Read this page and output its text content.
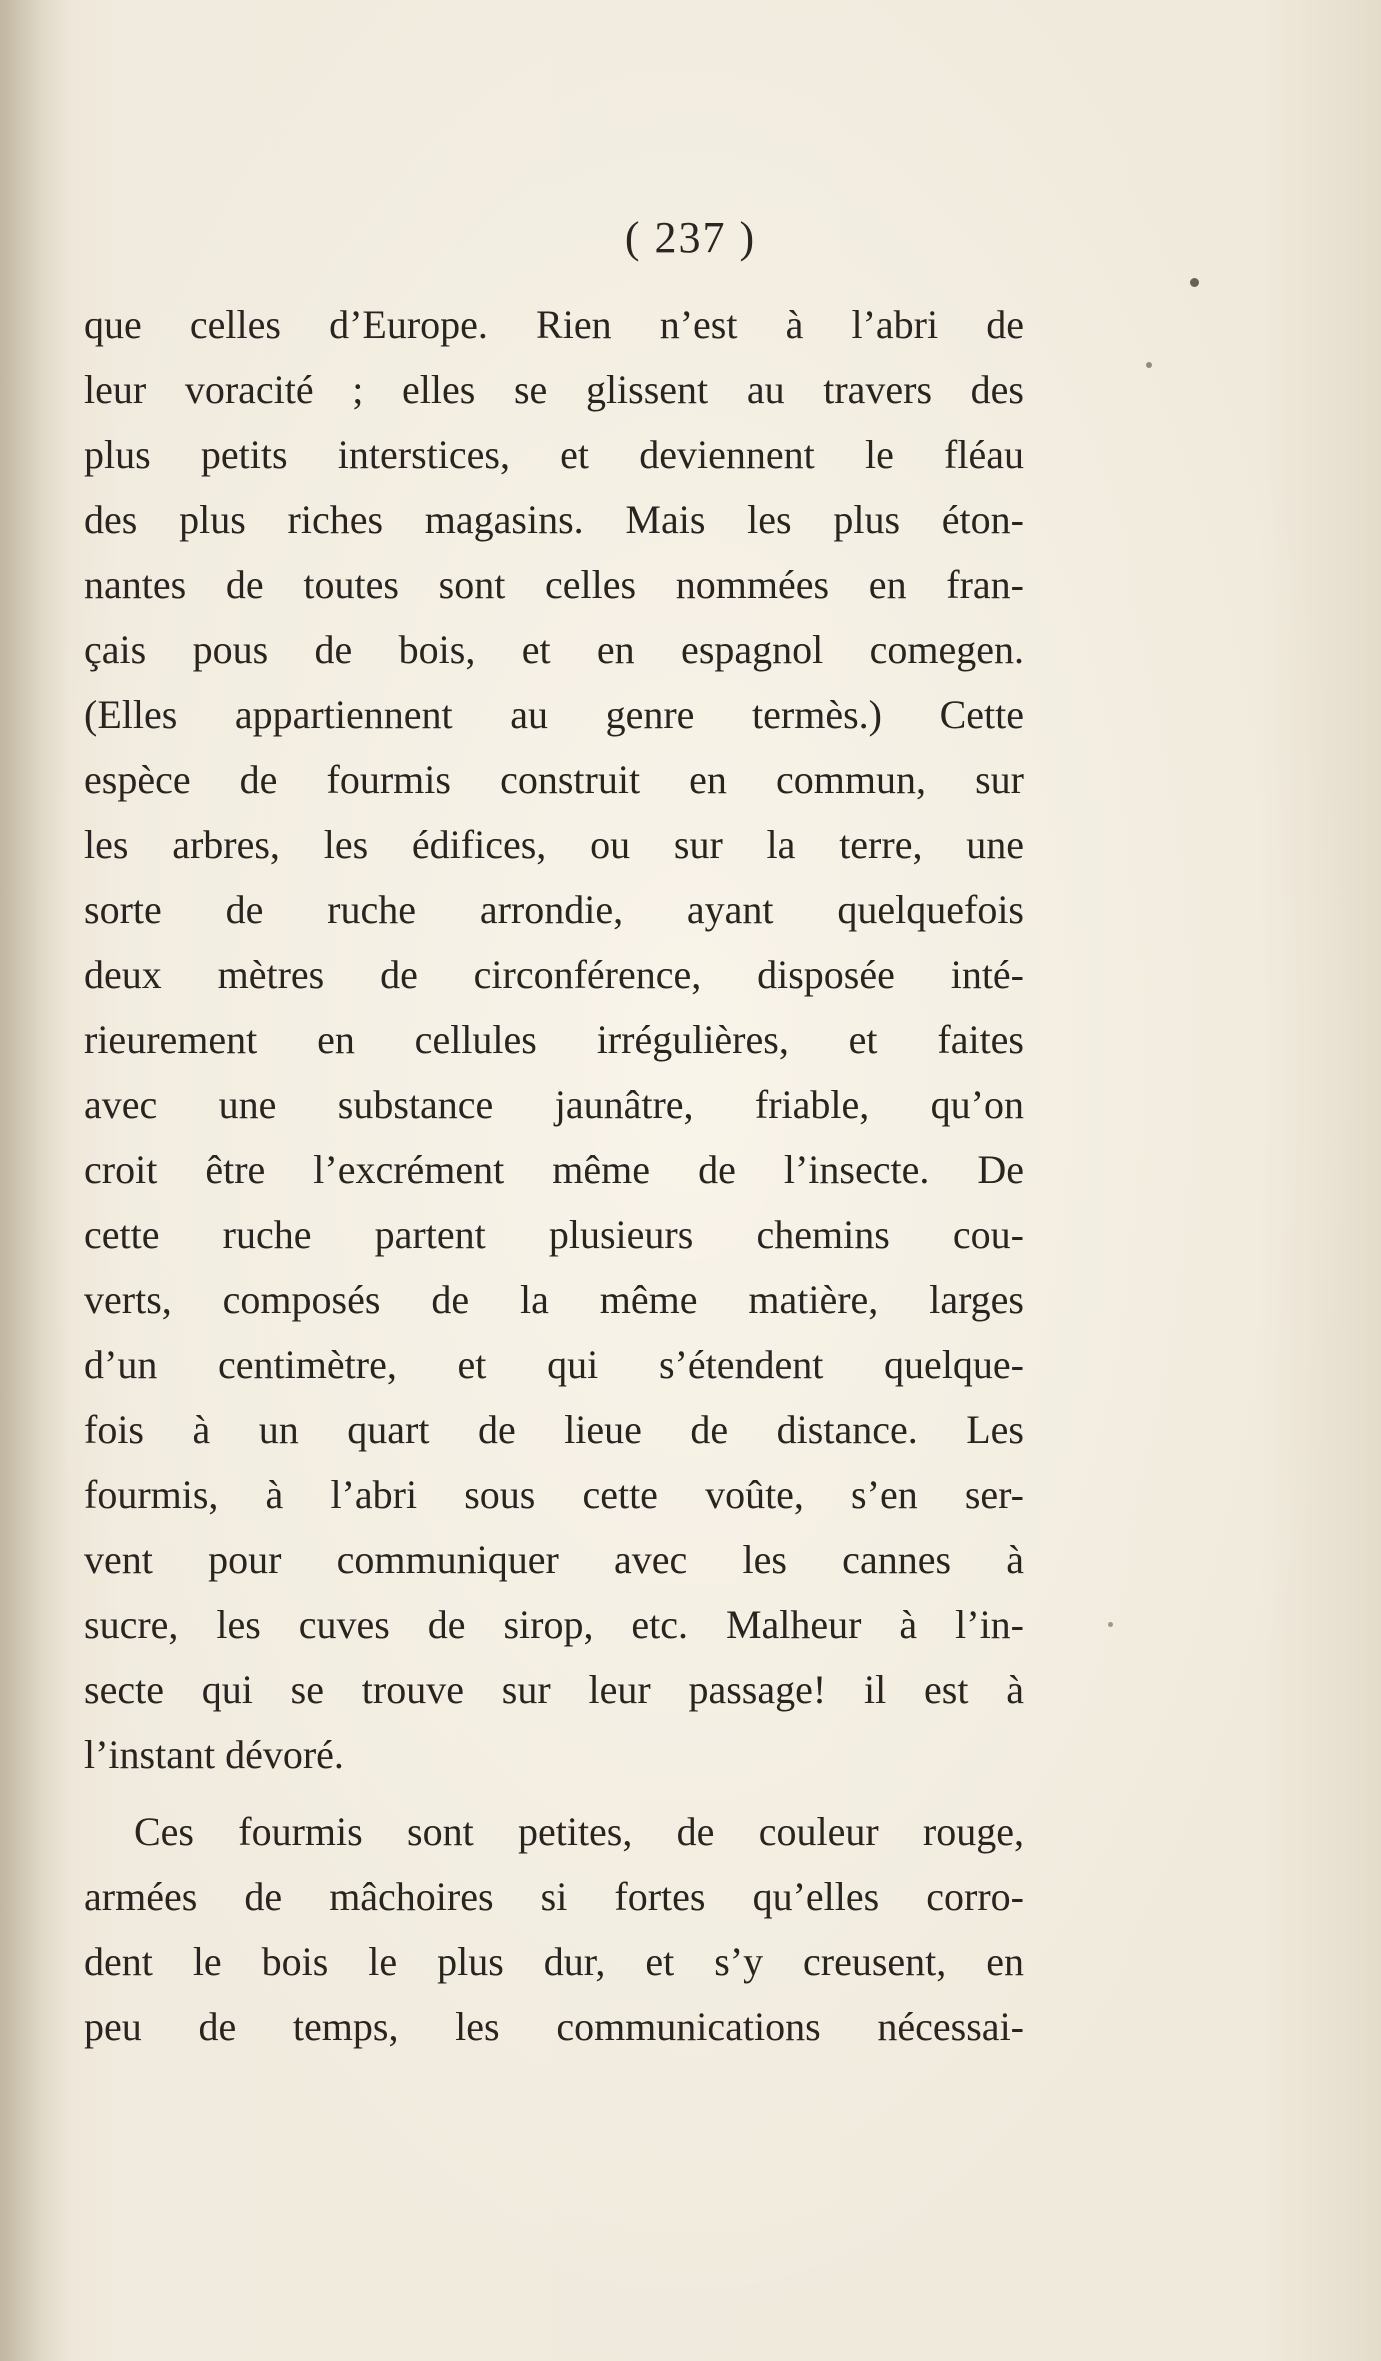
( 237 )
que celles d’Europe. Rien n’est à l’abri de
leur voracité ; elles se glissent au travers des
plus petits interstices, et deviennent le fléau
des plus riches magasins. Mais les plus éton-
nantes de toutes sont celles nommées en fran-
çais pous de bois, et en espagnol comegen.
(Elles appartiennent au genre termès.) Cette
espèce de fourmis construit en commun, sur
les arbres, les édifices, ou sur la terre, une
sorte de ruche arrondie, ayant quelquefois
deux mètres de circonférence, disposée inté-
rieurement en cellules irrégulières, et faites
avec une substance jaunâtre, friable, qu’on
croit être l’excrément même de l’insecte. De
cette ruche partent plusieurs chemins cou-
verts, composés de la même matière, larges
d’un centimètre, et qui s’étendent quelque-
fois à un quart de lieue de distance. Les
fourmis, à l’abri sous cette voûte, s’en ser-
vent pour communiquer avec les cannes à
sucre, les cuves de sirop, etc. Malheur à l’in-
secte qui se trouve sur leur passage! il est à
l’instant dévoré.
Ces fourmis sont petites, de couleur rouge,
armées de mâchoires si fortes qu’elles corro-
dent le bois le plus dur, et s’y creusent, en
peu de temps, les communications nécessai-
